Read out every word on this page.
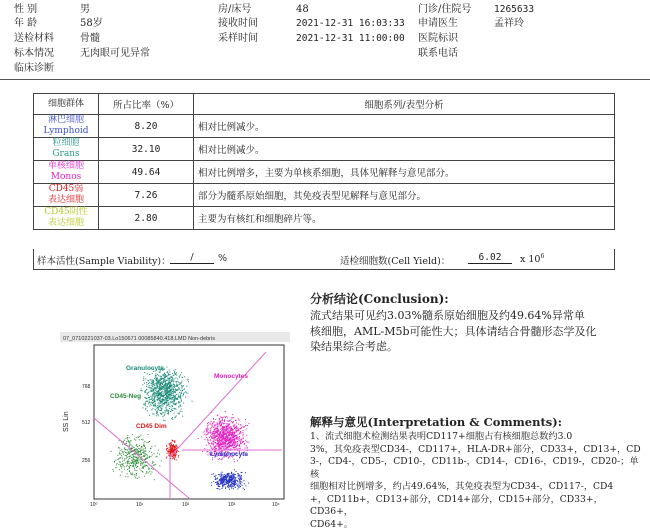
性 别	男
年 龄	58岁
送检材料	骨髓
标本情况	无肉眼可见异常
临床诊断
房/床号	48
接收时间	2021-12-31 16:03:33
采样时间	2021-12-31 11:00:00
门诊/住院号 1265633
申请医生	孟祥玲
医院标识
联系电话
细胞群体	所占比率（%）	细胞系列/表型分析

淋巴细胞
Lymphoid	8.20	相对比例减少。

粒细胞
Grans	32.10	相对比例减少。

单核细胞
Monos	49.64	相对比例增多，主要为单核系细胞，具体见解释与意见部分。

CD45弱
表达细胞	7.26	部分为髓系原始细胞，其免疫表型见解释与意见部分。

CD45阴性
表达细胞	2.80	主要为有核红和细胞碎片等。
样本活性(Sample Viability)：	/	%	适检细胞数(Cell Yield)：	6.02	x $10^6$
分析结论(Conclusion):
流式结果可见约3.03%髓系原始细胞及约49.64%异常单
核细胞，AML-M5b可能性大；具体请结合骨髓形态学及化
染结果综合考虑。
解释与意见(Interpretation & Comments):
1、流式细胞术检测结果表明CD117+细胞占有核细胞总数约3.0
3%，其免疫表型CD34-，CD117+，HLA-DR+部分，CD33+，CD13+，CD
3-，CD4-，CD5-，CD10-，CD11b-，CD14-，CD16-，CD19-，CD20-；单核
细胞相对比例增多，约占49.64%，其免疫表型为CD34-，CD117-，CD4
+，CD11b+，CD13+部分，CD14+部分，CD15+部分，CD33+，CD36+，
CD64+。
07_07102210​37-03.Lo150671 00085840.418.LMD Non-debris
SS Lin
768
512
256
10⁰	10¹	10²	10³	10⁴
Granulocyte
Monocytes
CD45-Neg
CD45 Dim
Lymphocyte
